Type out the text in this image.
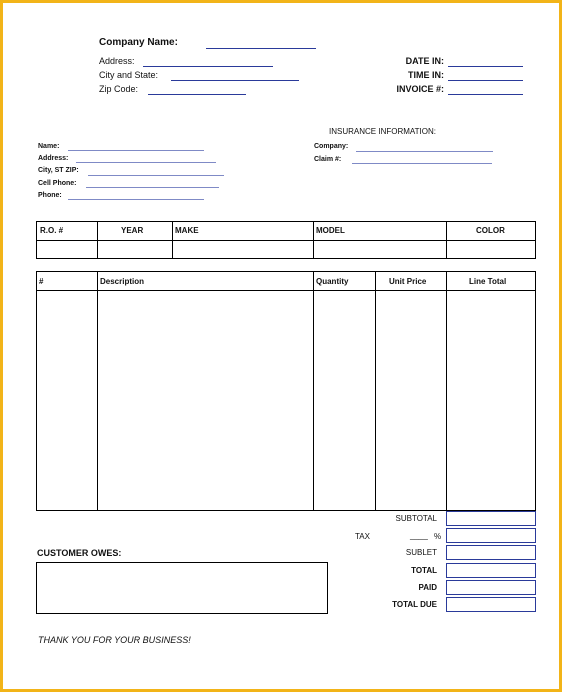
Company Name:
Address:
City and State:
Zip Code:
DATE IN:
TIME IN:
INVOICE #:
INSURANCE INFORMATION:
Company:
Claim #:
Name:
Address:
City, ST ZIP:
Cell Phone:
Phone:
R.O. #	YEAR	MAKE	MODEL	COLOR
#	Description	Quantity	Unit Price	Line Total
SUBTOTAL
TAX	____ %
SUBLET
TOTAL
PAID
TOTAL DUE
CUSTOMER OWES:
THANK YOU FOR YOUR BUSINESS!
